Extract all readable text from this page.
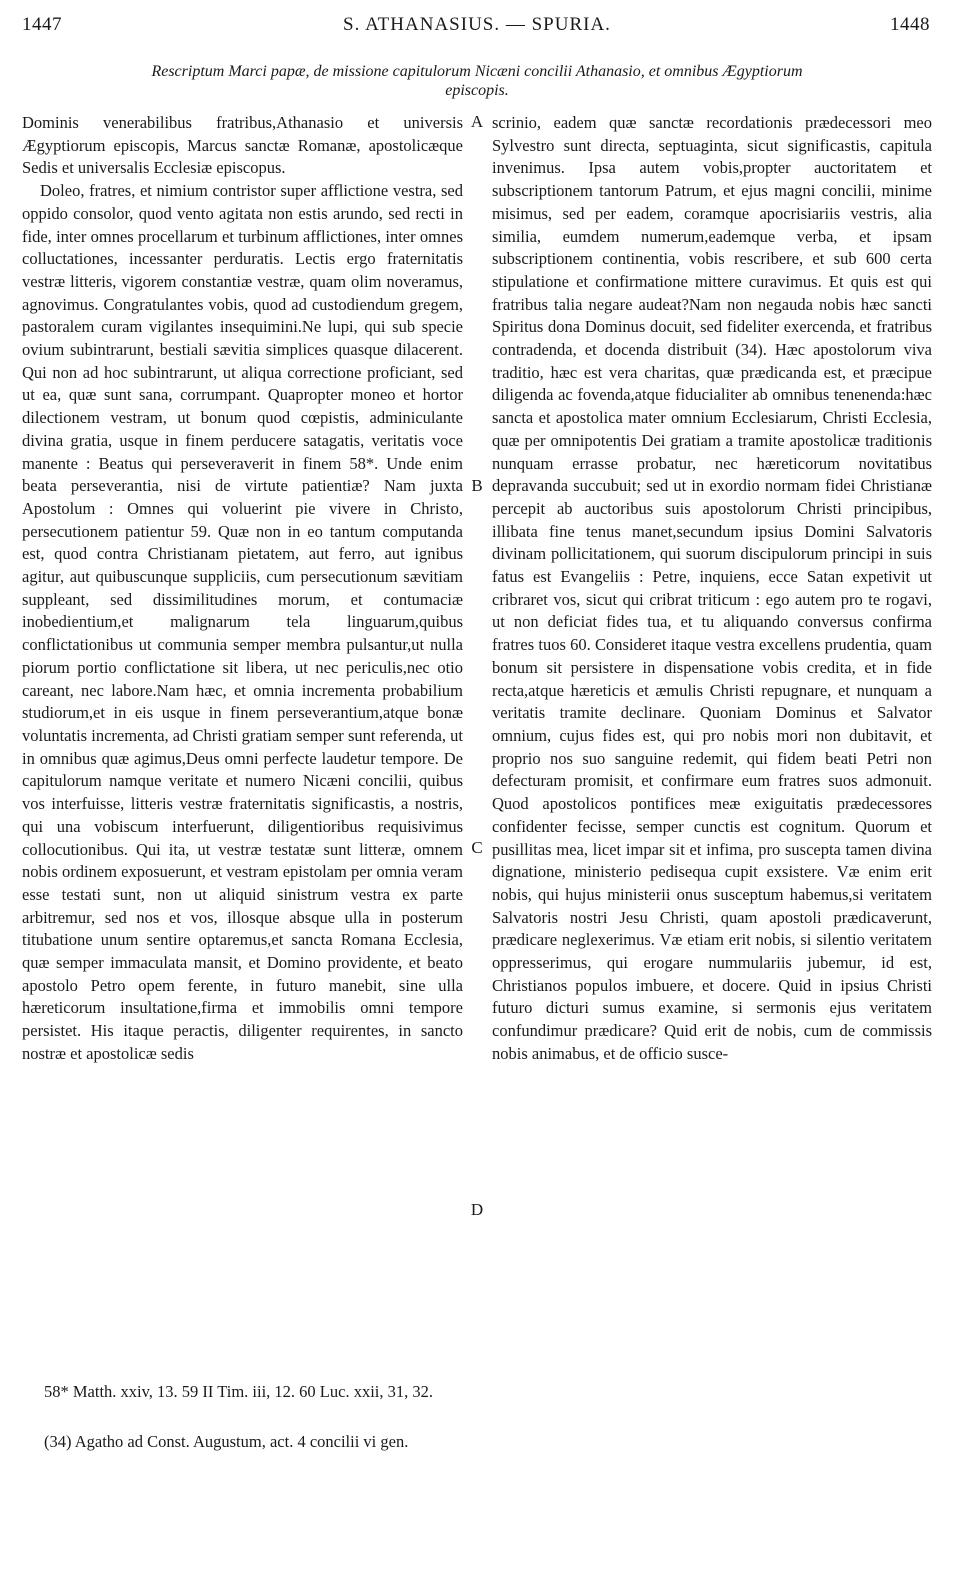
1447	S. ATHANASIUS. — SPURIA.	1448
Rescriptum Marci papæ, de missione capitulorum Nicæni concilii Athanasio, et omnibus Ægyptiorum
episcopis.

Dominis venerabilibus fratribus,Athanasio et universis Ægyptiorum episcopis, Marcus sanctæ Romanæ, apostolicæque Sedis et universalis Ecclesiæ episcopus.

Doleo, fratres, et nimium contristor super afflictione vestra, sed oppido consolor, quod vento agitata non estis arundo, sed recti in fide, inter omnes procellarum et turbinum afflictiones, inter omnes colluctationes, incessanter perduratis. Lectis ergo fraternitatis vestræ litteris, vigorem constantiæ vestræ, quam olim noveramus, agnovimus. Congratulantes vobis, quod ad custodiendum gregem, pastoralem curam vigilantes insequimini.Ne lupi, qui sub specie ovium subintrarunt, bestiali sævitia simplices quasque dilacerent. Qui non ad hoc subintrarunt, ut aliqua correctione proficiant, sed ut ea, quæ sunt sana, corrumpant. Quapropter moneo et hortor dilectionem vestram, ut bonum quod cœpistis, adminiculante divina gratia, usque in finem perducere satagatis, veritatis voce manente : Beatus qui perseveraverit in finem 58*. Unde enim beata perseverantia, nisi de virtute patientiæ? Nam juxta Apostolum : Omnes qui voluerint pie vivere in Christo, persecutionem patientur 59. Quæ non in eo tantum computanda est, quod contra Christianam pietatem, aut ferro, aut ignibus agitur, aut quibuscunque suppliciis, cum persecutionum sævitiam suppleant, sed dissimilitudines morum, et contumaciæ inobedientium,et malignarum tela linguarum,quibus conflictationibus ut communia semper membra pulsantur,ut nulla piorum portio conflictatione sit libera, ut nec periculis,nec otio careant, nec labore.Nam hæc, et omnia incrementa probabilium studiorum,et in eis usque in finem perseverantium,atque bonæ voluntatis incrementa, ad Christi gratiam semper sunt referenda, ut in omnibus quæ agimus,Deus omni perfecte laudetur tempore. De capitulorum namque veritate et numero Nicæni concilii, quibus vos interfuisse, litteris vestræ fraternitatis significastis, a nostris, qui una vobiscum interfuerunt, diligentioribus requisivimus collocutionibus. Qui ita, ut vestræ testatæ sunt litteræ, omnem nobis ordinem exposuerunt, et vestram epistolam per omnia veram esse testati sunt, non ut aliquid sinistrum vestra ex parte arbitremur, sed nos et vos, illosque absque ulla in posterum titubatione unum sentire optaremus,et sancta Romana Ecclesia, quæ semper immaculata mansit, et Domino providente, et beato apostolo Petro opem ferente, in futuro manebit, sine ulla hæreticorum insultatione,firma et immobilis omni tempore persistet. His itaque peractis, diligenter requirentes, in sancto nostræ et apostolicæ sedis

scrinio, eadem quæ sanctæ recordationis prædecessori meo Sylvestro sunt directa, septuaginta, sicut significastis, capitula invenimus. Ipsa autem vobis,propter auctoritatem et subscriptionem tantorum Patrum, et ejus magni concilii, minime misimus, sed per eadem, coramque apocrisiariis vestris, alia similia, eumdem numerum,eademque verba, et ipsam subscriptionem continentia, vobis rescribere, et sub 600 certa stipulatione et confirmatione mittere curavimus. Et quis est qui fratribus talia negare audeat?Nam non negauda nobis hæc sancti Spiritus dona Dominus docuit, sed fideliter exercenda, et fratribus contradenda, et docenda distribuit (34). Hæc apostolorum viva traditio, hæc est vera charitas, quæ prædicanda est, et præcipue diligenda ac fovenda,atque fiducialiter ab omnibus tenenenda:hæc sancta et apostolica mater omnium Ecclesiarum, Christi Ecclesia, quæ per omnipotentis Dei gratiam a tramite apostolicæ traditionis nunquam errasse probatur, nec hæreticorum novitatibus depravanda succubuit; sed ut in exordio normam fidei Christianæ percepit ab auctoribus suis apostolorum Christi principibus, illibata fine tenus manet,secundum ipsius Domini Salvatoris divinam pollicitationem, qui suorum discipulorum principi in suis fatus est Evangeliis : Petre, inquiens, ecce Satan expetivit ut cribraret vos, sicut qui cribrat triticum : ego autem pro te rogavi, ut non deficiat fides tua, et tu aliquando conversus confirma fratres tuos 60. Consideret itaque vestra excellens prudentia, quam bonum sit persistere in dispensatione vobis credita, et in fide recta,atque hæreticis et æmulis Christi repugnare, et nunquam a veritatis tramite declinare. Quoniam Dominus et Salvator omnium, cujus fides est, qui pro nobis mori non dubitavit, et proprio nos suo sanguine redemit, qui fidem beati Petri non defecturam promisit, et confirmare eum fratres suos admonuit. Quod apostolicos pontifices meæ exiguitatis prædecessores confidenter fecisse, semper cunctis est cognitum. Quorum et pusillitas mea, licet impar sit et infima, pro suscepta tamen divina dignatione, ministerio pedisequa cupit exsistere. Væ enim erit nobis, qui hujus ministerii onus susceptum habemus,si veritatem Salvatoris nostri Jesu Christi, quam apostoli prædicaverunt, prædicare neglexerimus. Væ etiam erit nobis, si silentio veritatem oppresserimus, qui erogare nummulariis jubemur, id est, Christianos populos imbuere, et docere. Quid in ipsius Christi futuro dicturi sumus examine, si sermonis ejus veritatem confundimur prædicare? Quid erit de nobis, cum de commissis nobis animabus, et de officio susce-

A
B
C
D
58* Matth. xxiv, 13. 59 II Tim. iii, 12. 60 Luc. xxii, 31, 32.
(34) Agatho ad Const. Augustum, act. 4 concilii vi gen.
